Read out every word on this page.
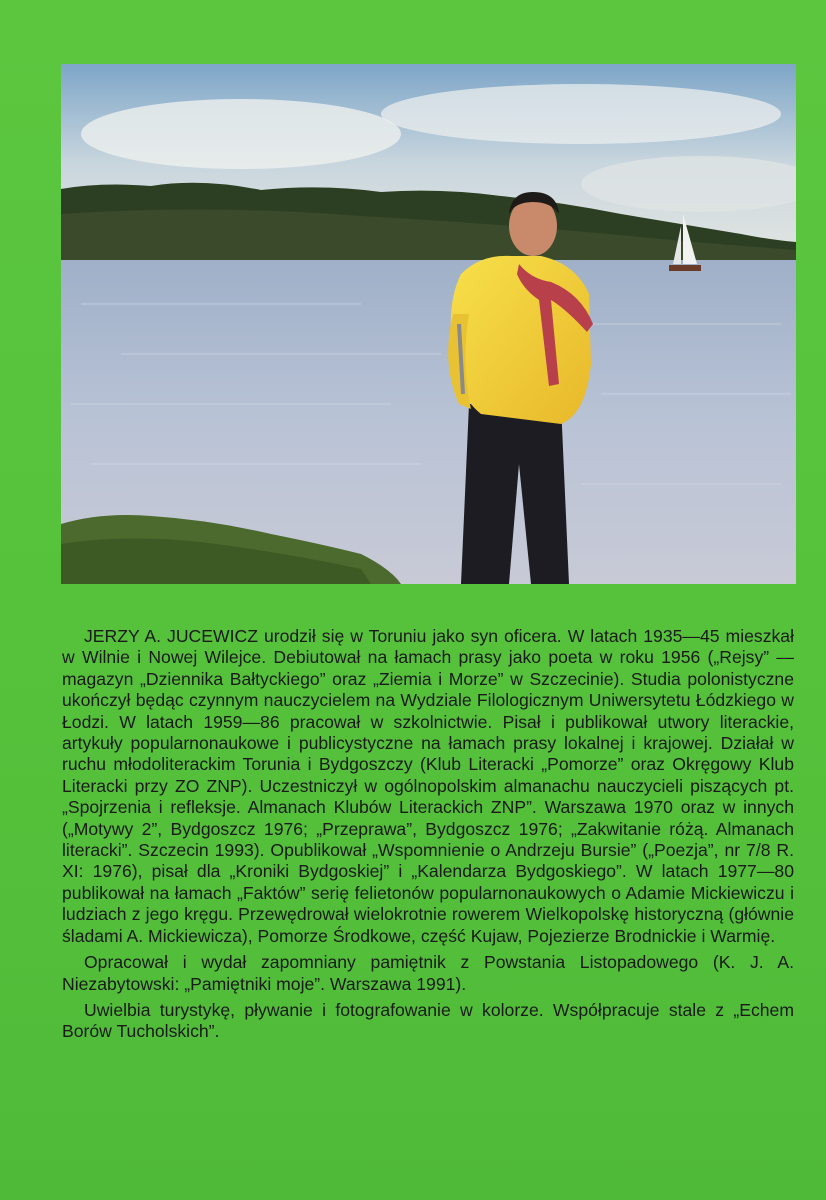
JERZY A. JUCEWICZ urodził się w Toruniu jako syn oficera. W latach 1935—45 mieszkał w Wilnie i Nowej Wilejce. Debiutował na łamach prasy jako poeta w roku 1956 („Rejsy” — magazyn „Dziennika Bałtyckiego” oraz „Ziemia i Morze” w Szczecinie). Studia polonistyczne ukończył będąc czynnym nauczycielem na Wydziale Filologicznym Uniwersytetu Łódzkiego w Łodzi. W latach 1959—86 pracował w szkolnictwie. Pisał i publikował utwory literackie, artykuły popularnonaukowe i publicystyczne na łamach prasy lokalnej i krajowej. Działał w ruchu młodoliterackim Torunia i Bydgoszczy (Klub Literacki „Pomorze” oraz Okręgowy Klub Literacki przy ZO ZNP). Uczestniczył w ogólnopolskim almanachu nauczycieli piszących pt. „Spojrzenia i refleksje. Almanach Klubów Literackich ZNP”. Warszawa 1970 oraz w innych („Motywy 2”, Bydgoszcz 1976; „Przeprawa”, Bydgoszcz 1976; „Zakwitanie różą. Almanach literacki”. Szczecin 1993). Opublikował „Wspomnienie o Andrzeju Bursie” („Poezja”, nr 7/8 R. XI: 1976), pisał dla „Kroniki Bydgoskiej” i „Kalendarza Bydgoskiego”. W latach 1977—80 publikował na łamach „Faktów” serię felietonów popularnonaukowych o Adamie Mickiewiczu i ludziach z jego kręgu. Przewędrował wielokrotnie rowerem Wielkopolskę historyczną (głównie śladami A. Mickiewicza), Pomorze Środkowe, część Kujaw, Pojezierze Brodnickie i Warmię.

Opracował i wydał zapomniany pamiętnik z Powstania Listopadowego (K. J. A. Niezabytowski: „Pamiętniki moje”. Warszawa 1991).

Uwielbia turystykę, pływanie i fotografowanie w kolorze. Współpracuje stale z „Echem Borów Tucholskich”.
